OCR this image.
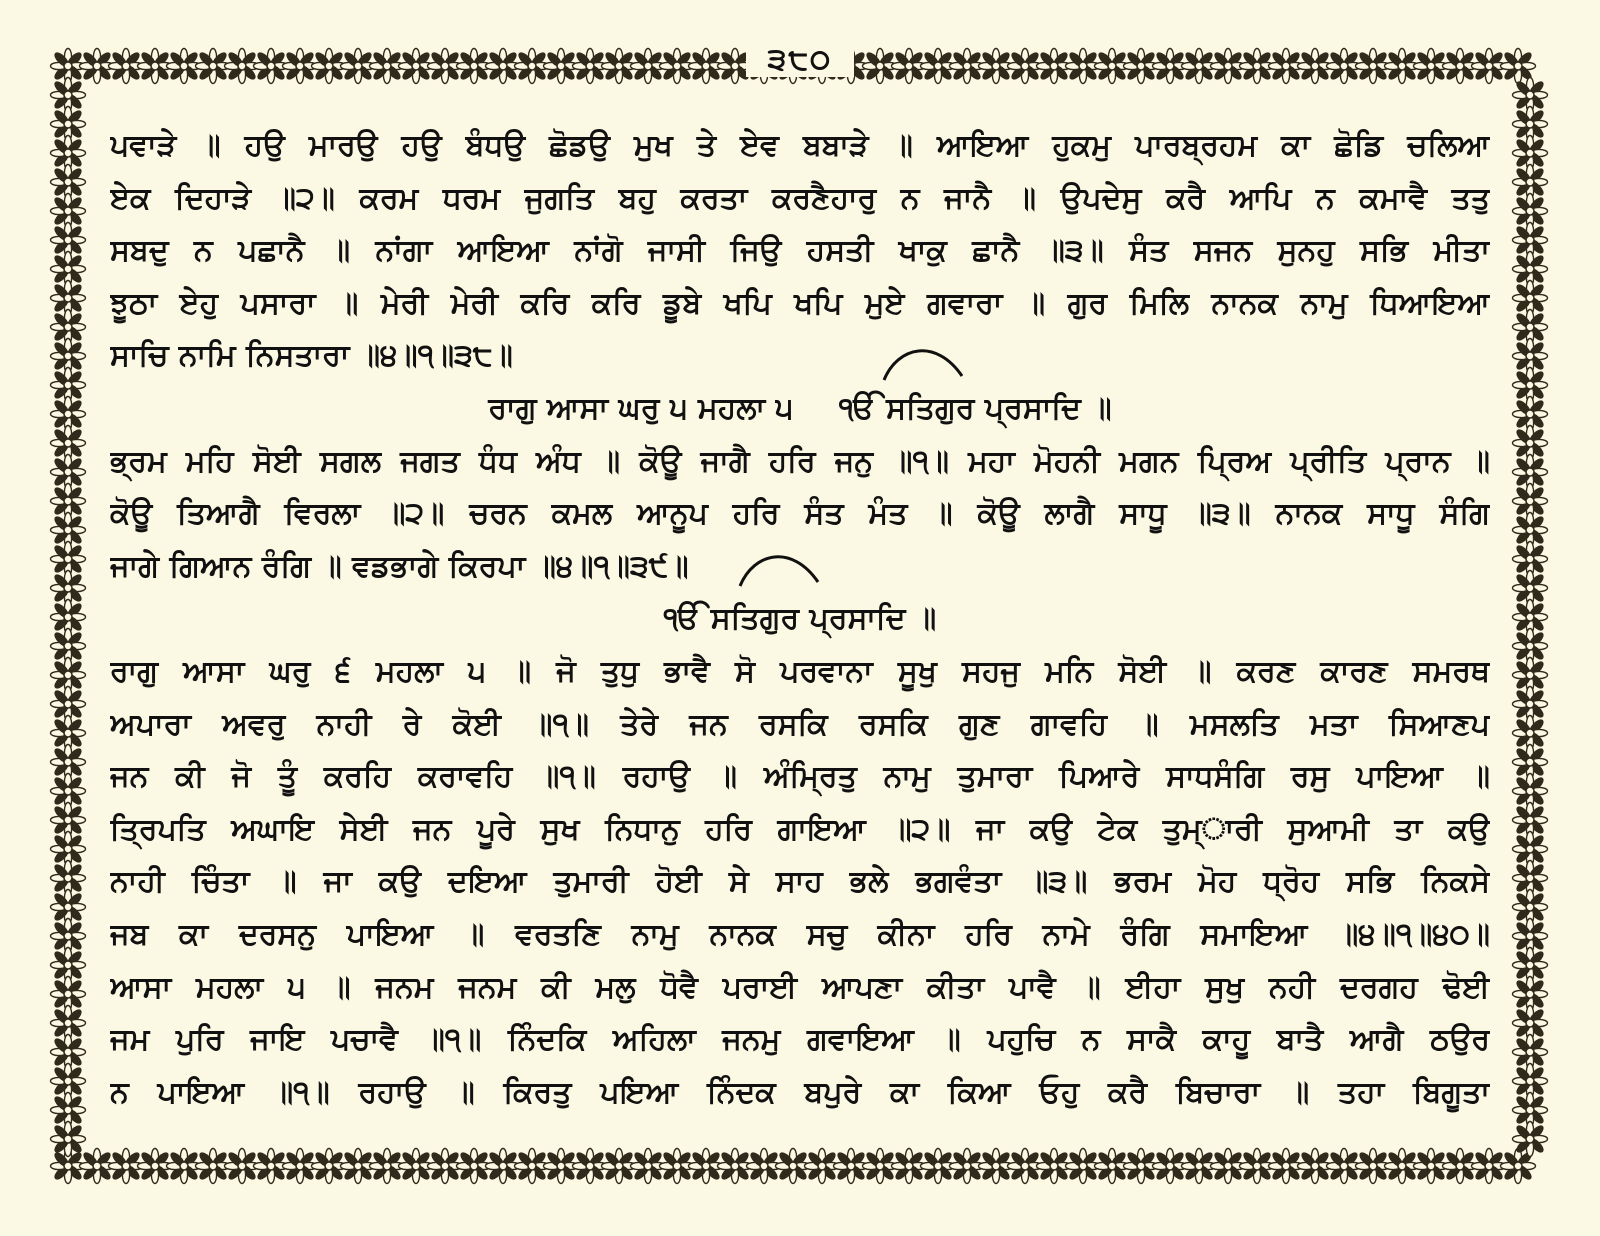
੩੮੦
ਪਵਾੜੇ ॥ ਹਉ ਮਾਰਉ ਹਉ ਬੰਧਉ ਛੋਡਉ ਮੁਖ ਤੇ ਏਵ ਬਬਾੜੇ ॥ ਆਇਆ ਹੁਕਮੁ ਪਾਰਬ੍ਰਹਮ ਕਾ ਛੋਡਿ ਚਲਿਆ
ਏਕ ਦਿਹਾੜੇ ॥੨॥ ਕਰਮ ਧਰਮ ਜੁਗਤਿ ਬਹੁ ਕਰਤਾ ਕਰਣੈਹਾਰੁ ਨ ਜਾਨੈ ॥ ਉਪਦੇਸੁ ਕਰੈ ਆਪਿ ਨ ਕਮਾਵੈ ਤਤੁ
ਸਬਦੁ ਨ ਪਛਾਨੈ ॥ ਨਾਂਗਾ ਆਇਆ ਨਾਂਗੋ ਜਾਸੀ ਜਿਉ ਹਸਤੀ ਖਾਕੁ ਛਾਨੈ ॥੩॥ ਸੰਤ ਸਜਨ ਸੁਨਹੁ ਸਭਿ ਮੀਤਾ
ਝੂਠਾ ਏਹੁ ਪਸਾਰਾ ॥ ਮੇਰੀ ਮੇਰੀ ਕਰਿ ਕਰਿ ਡੂਬੇ ਖਪਿ ਖਪਿ ਮੁਏ ਗਵਾਰਾ ॥ ਗੁਰ ਮਿਲਿ ਨਾਨਕ ਨਾਮੁ ਧਿਆਇਆ
ਸਾਚਿ ਨਾਮਿ ਨਿਸਤਾਰਾ ॥੪॥੧॥੩੮॥
ਰਾਗੁ ਆਸਾ ਘਰੁ ੫ ਮਹਲਾ ੫ ੴ ਸਤਿਗੁਰ ਪ੍ਰਸਾਦਿ ॥
ਭ੍ਰਮ ਮਹਿ ਸੋਈ ਸਗਲ ਜਗਤ ਧੰਧ ਅੰਧ ॥ ਕੋਊ ਜਾਗੈ ਹਰਿ ਜਨੁ ॥੧॥ ਮਹਾ ਮੋਹਨੀ ਮਗਨ ਪ੍ਰਿਅ ਪ੍ਰੀਤਿ ਪ੍ਰਾਨ ॥
ਕੋਊ ਤਿਆਗੈ ਵਿਰਲਾ ॥੨॥ ਚਰਨ ਕਮਲ ਆਨੂਪ ਹਰਿ ਸੰਤ ਮੰਤ ॥ ਕੋਊ ਲਾਗੈ ਸਾਧੂ ॥੩॥ ਨਾਨਕ ਸਾਧੂ ਸੰਗਿ
ਜਾਗੇ ਗਿਆਨ ਰੰਗਿ ॥ ਵਡਭਾਗੇ ਕਿਰਪਾ ॥੪॥੧॥੩੯॥
ੴ ਸਤਿਗੁਰ ਪ੍ਰਸਾਦਿ ॥
ਰਾਗੁ ਆਸਾ ਘਰੁ ੬ ਮਹਲਾ ੫ ॥ ਜੋ ਤੁਧੁ ਭਾਵੈ ਸੋ ਪਰਵਾਨਾ ਸੂਖੁ ਸਹਜੁ ਮਨਿ ਸੋਈ ॥ ਕਰਣ ਕਾਰਣ ਸਮਰਥ
ਅਪਾਰਾ ਅਵਰੁ ਨਾਹੀ ਰੇ ਕੋਈ ॥੧॥ ਤੇਰੇ ਜਨ ਰਸਕਿ ਰਸਕਿ ਗੁਣ ਗਾਵਹਿ ॥ ਮਸਲਤਿ ਮਤਾ ਸਿਆਣਪ
ਜਨ ਕੀ ਜੋ ਤੂੰ ਕਰਹਿ ਕਰਾਵਹਿ ॥੧॥ ਰਹਾਉ ॥ ਅੰਮ੍ਰਿਤੁ ਨਾਮੁ ਤੁਮਾਰਾ ਪਿਆਰੇ ਸਾਧਸੰਗਿ ਰਸੁ ਪਾਇਆ ॥
ਤ੍ਰਿਪਤਿ ਅਘਾਇ ਸੇਈ ਜਨ ਪੂਰੇ ਸੁਖ ਨਿਧਾਨੁ ਹਰਿ ਗਾਇਆ ॥੨॥ ਜਾ ਕਉ ਟੇਕ ਤੁਮ੍ਾਰੀ ਸੁਆਮੀ ਤਾ ਕਉ
ਨਾਹੀ ਚਿੰਤਾ ॥ ਜਾ ਕਉ ਦਇਆ ਤੁਮਾਰੀ ਹੋਈ ਸੇ ਸਾਹ ਭਲੇ ਭਗਵੰਤਾ ॥੩॥ ਭਰਮ ਮੋਹ ਧ੍ਰੋਹ ਸਭਿ ਨਿਕਸੇ
ਜਬ ਕਾ ਦਰਸਨੁ ਪਾਇਆ ॥ ਵਰਤਣਿ ਨਾਮੁ ਨਾਨਕ ਸਚੁ ਕੀਨਾ ਹਰਿ ਨਾਮੇ ਰੰਗਿ ਸਮਾਇਆ ॥੪॥੧॥੪੦॥
ਆਸਾ ਮਹਲਾ ੫ ॥ ਜਨਮ ਜਨਮ ਕੀ ਮਲੁ ਧੋਵੈ ਪਰਾਈ ਆਪਣਾ ਕੀਤਾ ਪਾਵੈ ॥ ਈਹਾ ਸੁਖੁ ਨਹੀ ਦਰਗਹ ਢੋਈ
ਜਮ ਪੁਰਿ ਜਾਇ ਪਚਾਵੈ ॥੧॥ ਨਿੰਦਕਿ ਅਹਿਲਾ ਜਨਮੁ ਗਵਾਇਆ ॥ ਪਹੁਚਿ ਨ ਸਾਕੈ ਕਾਹੂ ਬਾਤੈ ਆਗੈ ਠਉਰ
ਨ ਪਾਇਆ ॥੧॥ ਰਹਾਉ ॥ ਕਿਰਤੁ ਪਇਆ ਨਿੰਦਕ ਬਪੁਰੇ ਕਾ ਕਿਆ ਓਹੁ ਕਰੈ ਬਿਚਾਰਾ ॥ ਤਹਾ ਬਿਗੂਤਾ
